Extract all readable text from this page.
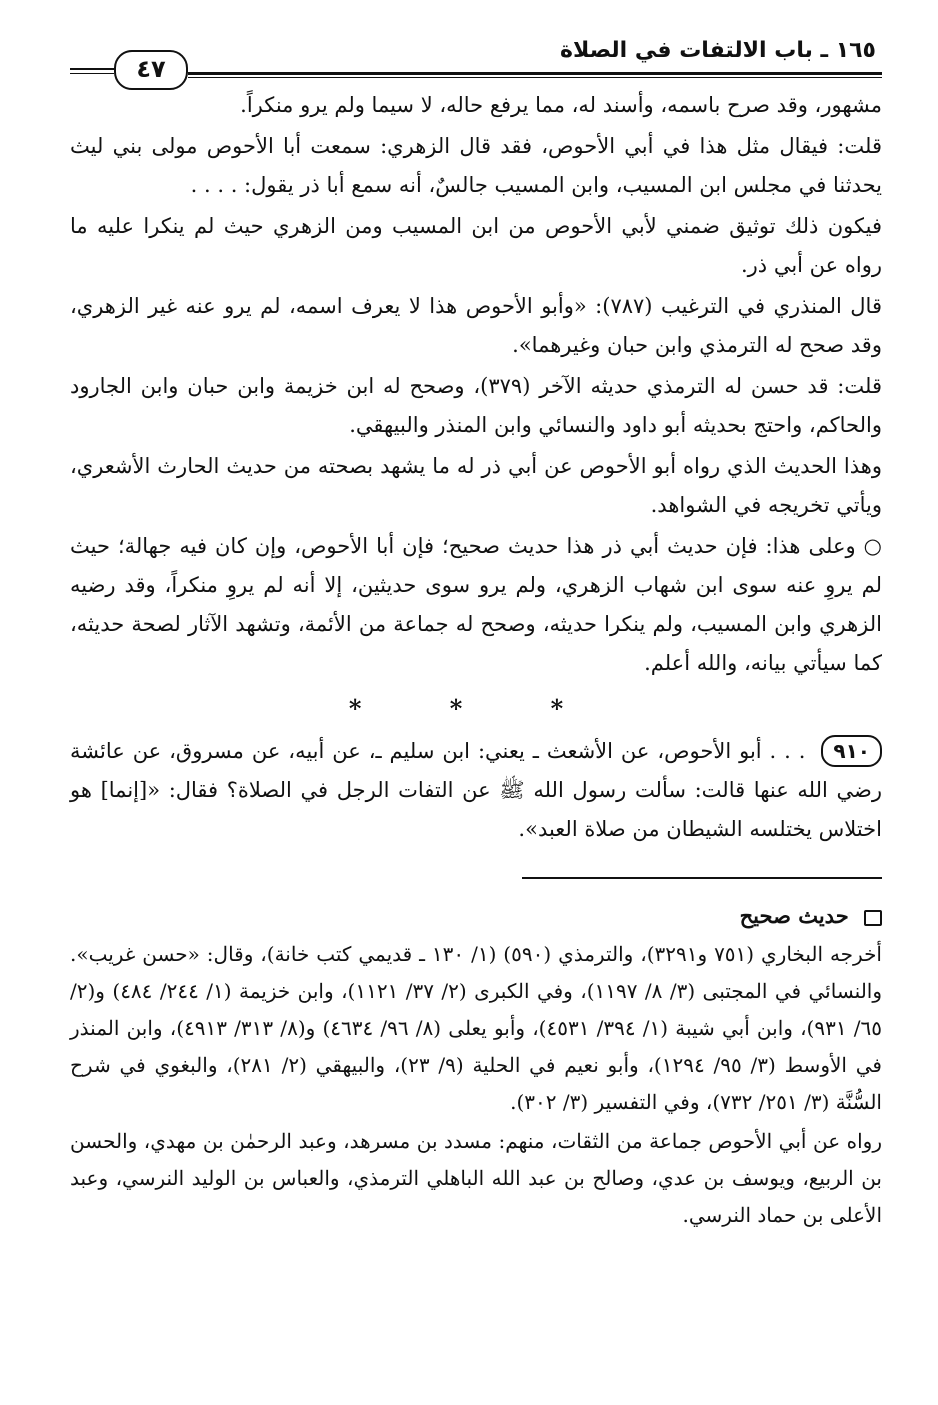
١٦٥ ـ باب الالتفات في الصلاة
٤٧

مشهور، وقد صرح باسمه، وأسند له، مما يرفع حاله، لا سيما ولم يرو منكراً.

قلت: فيقال مثل هذا في أبي الأحوص، فقد قال الزهري: سمعت أبا الأحوص مولى بني ليث يحدثنا في مجلس ابن المسيب، وابن المسيب جالسٌ، أنه سمع أبا ذر يقول: . . . .

فيكون ذلك توثيق ضمني لأبي الأحوص من ابن المسيب ومن الزهري حيث لم ينكرا عليه ما رواه عن أبي ذر.

قال المنذري في الترغيب (٧٨٧): «وأبو الأحوص هذا لا يعرف اسمه، لم يرو عنه غير الزهري، وقد صحح له الترمذي وابن حبان وغيرهما».

قلت: قد حسن له الترمذي حديثه الآخر (٣٧٩)، وصحح له ابن خزيمة وابن حبان وابن الجارود والحاكم، واحتج بحديثه أبو داود والنسائي وابن المنذر والبيهقي.

وهذا الحديث الذي رواه أبو الأحوص عن أبي ذر له ما يشهد بصحته من حديث الحارث الأشعري، ويأتي تخريجه في الشواهد.

○ وعلى هذا: فإن حديث أبي ذر هذا حديث صحيح؛ فإن أبا الأحوص، وإن كان فيه جهالة؛ حيث لم يروِ عنه سوى ابن شهاب الزهري، ولم يرو سوى حديثين، إلا أنه لم يروِ منكراً، وقد رضيه الزهري وابن المسيب، ولم ينكرا حديثه، وصحح له جماعة من الأئمة، وتشهد الآثار لصحة حديثه، كما سيأتي بيانه، والله أعلم.

* * *

٩١٠ . . . أبو الأحوص، عن الأشعث ـ يعني: ابن سليم ـ، عن أبيه، عن مسروق، عن عائشة رضي الله عنها قالت: سألت رسول الله ﷺ عن التفات الرجل في الصلاة؟ فقال: «[إنما] هو اختلاس يختلسه الشيطان من صلاة العبد».

حديث صحيح

أخرجه البخاري (٧٥١ و٣٢٩١)، والترمذي (٥٩٠) (١/ ١٣٠ ـ قديمي كتب خانة)، وقال: «حسن غريب». والنسائي في المجتبى (٣/ ٨/ ١١٩٧)، وفي الكبرى (٢/ ٣٧/ ١١٢١)، وابن خزيمة (١/ ٢٤٤/ ٤٨٤) و(٢/ ٦٥/ ٩٣١)، وابن أبي شيبة (١/ ٣٩٤/ ٤٥٣١)، وأبو يعلى (٨/ ٩٦/ ٤٦٣٤) و(٨/ ٣١٣/ ٤٩١٣)، وابن المنذر في الأوسط (٣/ ٩٥/ ١٢٩٤)، وأبو نعيم في الحلية (٩/ ٢٣)، والبيهقي (٢/ ٢٨١)، والبغوي في شرح السُّنَّة (٣/ ٢٥١/ ٧٣٢)، وفي التفسير (٣/ ٣٠٢).

رواه عن أبي الأحوص جماعة من الثقات، منهم: مسدد بن مسرهد، وعبد الرحمٰن بن مهدي، والحسن بن الربيع، ويوسف بن عدي، وصالح بن عبد الله الباهلي الترمذي، والعباس بن الوليد النرسي، وعبد الأعلى بن حماد النرسي.
